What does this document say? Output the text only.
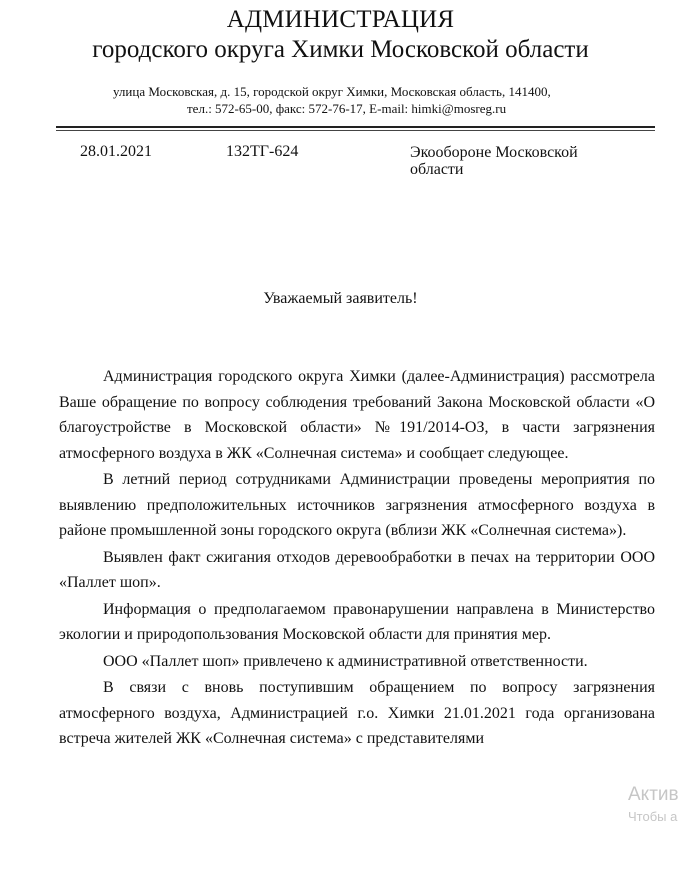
АДМИНИСТРАЦИЯ
городского округа Химки Московской области
улица Московская, д. 15, городской округ Химки, Московская область, 141400,
тел.: 572-65-00, факс: 572-76-17, E-mail: himki@mosreg.ru
28.01.2021	132ТГ-624	Экообороне Московской области
Уважаемый заявитель!

Администрация городского округа Химки (далее-Администрация) рассмотрела Ваше обращение по вопросу соблюдения требований Закона Московской области «О благоустройстве в Московской области» №191/2014-ОЗ, в части загрязнения атмосферного воздуха в ЖК «Солнечная система» и сообщает следующее.

В летний период сотрудниками Администрации проведены мероприятия по выявлению предположительных источников загрязнения атмосферного воздуха в районе промышленной зоны городского округа (вблизи ЖК «Солнечная система»).

Выявлен факт сжигания отходов деревообработки в печах на территории ООО «Паллет шоп».

Информация о предполагаемом правонарушении направлена в Министерство экологии и природопользования Московской области для принятия мер.

ООО «Паллет шоп» привлечено к административной ответственности.

В связи с вновь поступившим обращением по вопросу загрязнения атмосферного воздуха, Администрацией г.о. Химки 21.01.2021 года организована встреча жителей ЖК «Солнечная система» с представителями

Актив
Чтобы а
